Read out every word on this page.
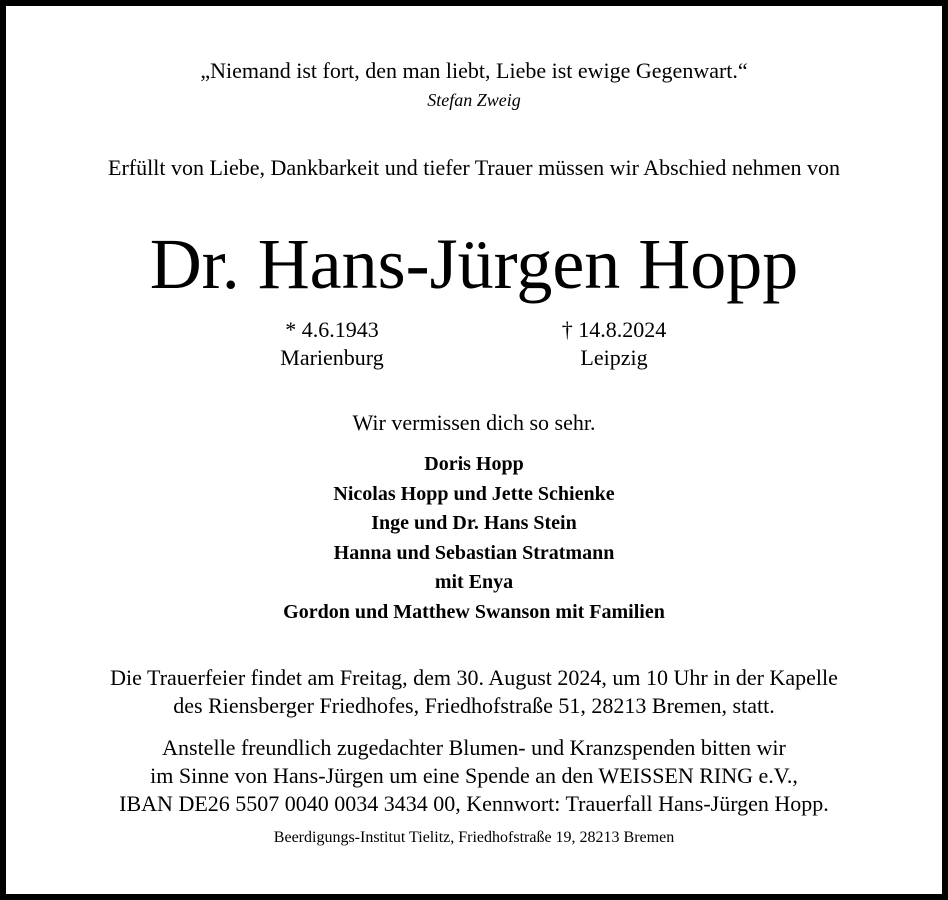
„Niemand ist fort, den man liebt, Liebe ist ewige Gegenwart.“
Stefan Zweig
Erfüllt von Liebe, Dankbarkeit und tiefer Trauer müssen wir Abschied nehmen von
Dr. Hans-Jürgen Hopp
* 4.6.1943
Marienburg
† 14.8.2024
Leipzig
Wir vermissen dich so sehr.
Doris Hopp
Nicolas Hopp und Jette Schienke
Inge und Dr. Hans Stein
Hanna und Sebastian Stratmann
mit Enya
Gordon und Matthew Swanson mit Familien
Die Trauerfeier findet am Freitag, dem 30. August 2024, um 10 Uhr in der Kapelle
des Riensberger Friedhofes, Friedhofstraße 51, 28213 Bremen, statt.
Anstelle freundlich zugedachter Blumen- und Kranzspenden bitten wir
im Sinne von Hans-Jürgen um eine Spende an den WEISSEN RING e.V.,
IBAN DE26 5507 0040 0034 3434 00, Kennwort: Trauerfall Hans-Jürgen Hopp.
Beerdigungs-Institut Tielitz, Friedhofstraße 19, 28213 Bremen
